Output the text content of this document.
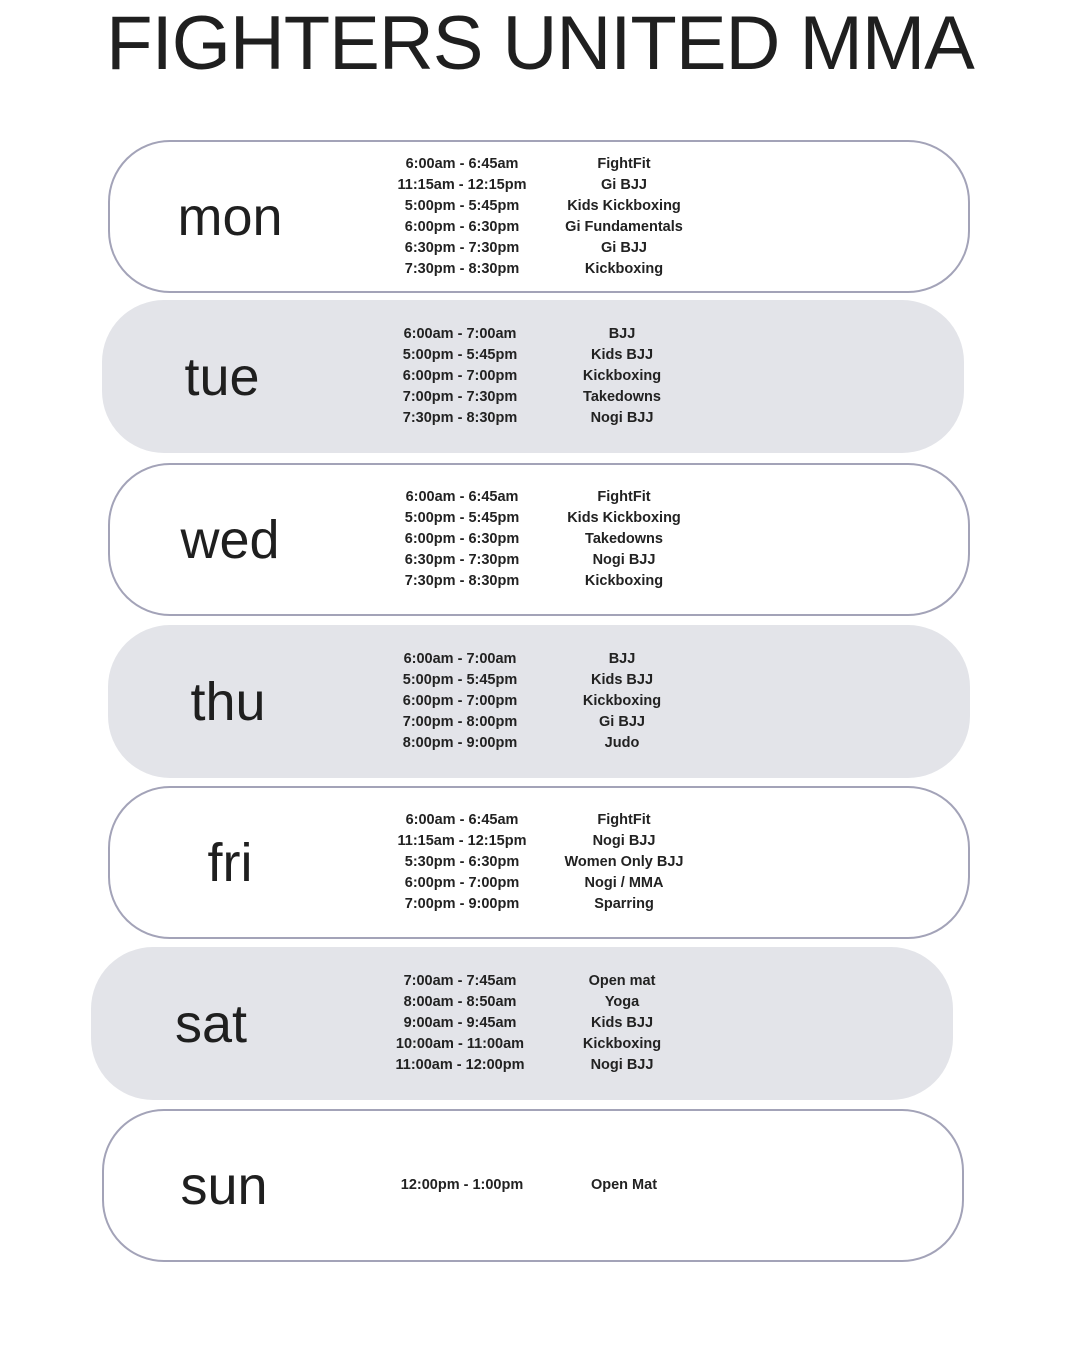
FIGHTERS UNITED MMA
mon
6:00am - 6:45am
11:15am - 12:15pm
5:00pm - 5:45pm
6:00pm - 6:30pm
6:30pm - 7:30pm
7:30pm - 8:30pm
FightFit
Gi BJJ
Kids Kickboxing
Gi Fundamentals
Gi BJJ
Kickboxing
tue
6:00am - 7:00am
5:00pm - 5:45pm
6:00pm - 7:00pm
7:00pm - 7:30pm
7:30pm - 8:30pm
BJJ
Kids BJJ
Kickboxing
Takedowns
Nogi BJJ
wed
6:00am - 6:45am
5:00pm - 5:45pm
6:00pm - 6:30pm
6:30pm - 7:30pm
7:30pm - 8:30pm
FightFit
Kids Kickboxing
Takedowns
Nogi BJJ
Kickboxing
thu
6:00am - 7:00am
5:00pm - 5:45pm
6:00pm - 7:00pm
7:00pm - 8:00pm
8:00pm - 9:00pm
BJJ
Kids BJJ
Kickboxing
Gi BJJ
Judo
fri
6:00am - 6:45am
11:15am - 12:15pm
5:30pm - 6:30pm
6:00pm - 7:00pm
7:00pm - 9:00pm
FightFit
Nogi BJJ
Women Only BJJ
Nogi / MMA
Sparring
sat
7:00am - 7:45am
8:00am - 8:50am
9:00am - 9:45am
10:00am - 11:00am
11:00am - 12:00pm
Open mat
Yoga
Kids BJJ
Kickboxing
Nogi BJJ
sun	12:00pm - 1:00pm	Open Mat
